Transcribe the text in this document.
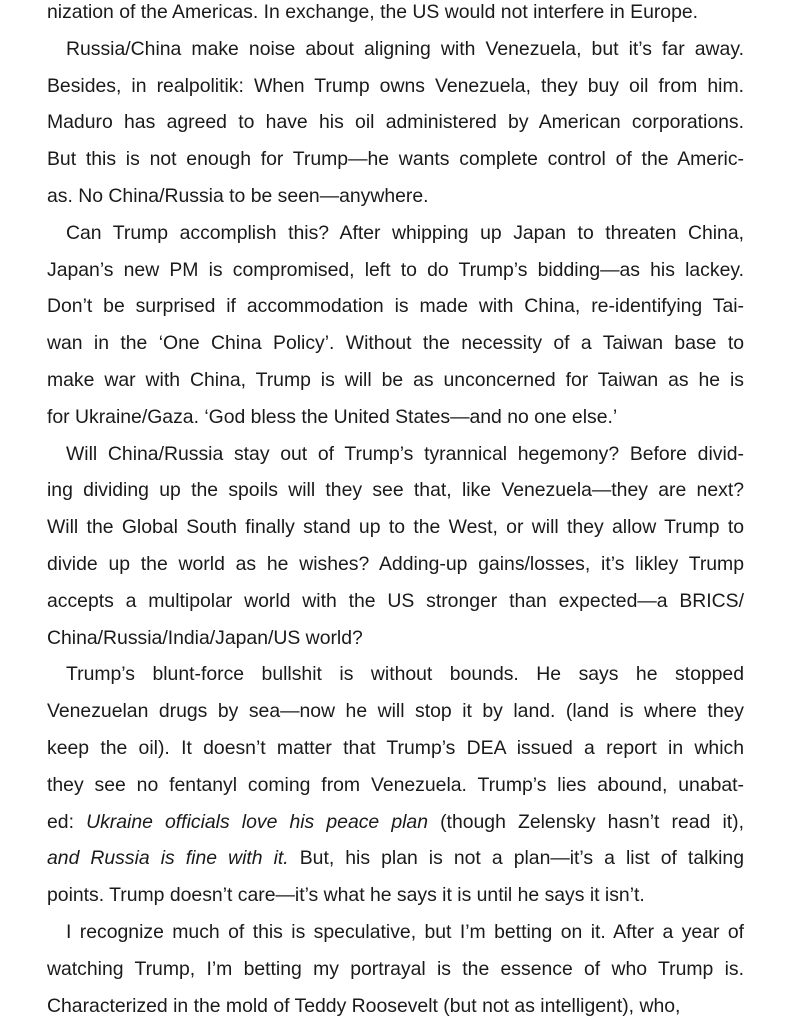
nization of the Americas. In exchange, the US would not interfere in Europe.
Russia/China make noise about aligning with Venezuela, but it’s far away.
Besides, in realpolitik: When Trump owns Venezuela, they buy oil from him.
Maduro has agreed to have his oil administered by American corporations.
But this is not enough for Trump—he wants complete control of the Americ-
as. No China/Russia to be seen—anywhere.
Can Trump accomplish this? After whipping up Japan to threaten China,
Japan’s new PM is compromised, left to do Trump’s bidding—as his lackey.
Don’t be surprised if accommodation is made with China, re-identifying Tai-
wan in the ‘One China Policy’. Without the necessity of a Taiwan base to
make war with China, Trump is will be as unconcerned for Taiwan as he is
for Ukraine/Gaza. ‘God bless the United States—and no one else.’
Will China/Russia stay out of Trump’s tyrannical hegemony? Before divid-
ing dividing up the spoils will they see that, like Venezuela—they are next?
Will the Global South finally stand up to the West, or will they allow Trump to
divide up the world as he wishes? Adding-up gains/losses, it’s likley Trump
accepts a multipolar world with the US stronger than expected—a BRICS/
China/Russia/India/Japan/US world?
Trump’s blunt-force bullshit is without bounds. He says he stopped
Venezuelan drugs by sea—now he will stop it by land. (land is where they
keep the oil). It doesn’t matter that Trump’s DEA issued a report in which
they see no fentanyl coming from Venezuela. Trump’s lies abound, unabat-
ed: Ukraine officials love his peace plan (though Zelensky hasn’t read it),
and Russia is fine with it. But, his plan is not a plan—it’s a list of talking
points. Trump doesn’t care—it’s what he says it is until he says it isn’t.
I recognize much of this is speculative, but I’m betting on it. After a year of
watching Trump, I’m betting my portrayal is the essence of who Trump is.
Characterized in the mold of Teddy Roosevelt (but not as intelligent), who,
